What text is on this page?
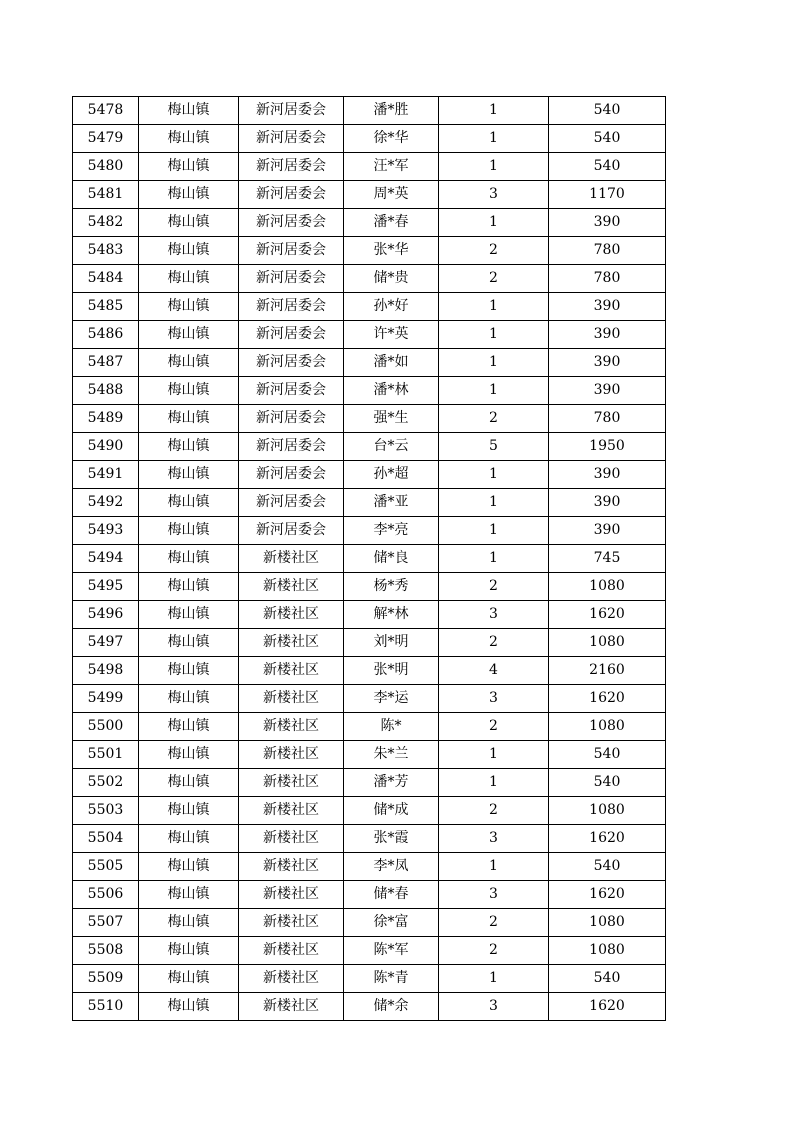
5478	梅山镇	新河居委会	潘*胜	1	540
5479	梅山镇	新河居委会	徐*华	1	540
5480	梅山镇	新河居委会	汪*军	1	540
5481	梅山镇	新河居委会	周*英	3	1170
5482	梅山镇	新河居委会	潘*春	1	390
5483	梅山镇	新河居委会	张*华	2	780
5484	梅山镇	新河居委会	储*贵	2	780
5485	梅山镇	新河居委会	孙*好	1	390
5486	梅山镇	新河居委会	许*英	1	390
5487	梅山镇	新河居委会	潘*如	1	390
5488	梅山镇	新河居委会	潘*林	1	390
5489	梅山镇	新河居委会	强*生	2	780
5490	梅山镇	新河居委会	台*云	5	1950
5491	梅山镇	新河居委会	孙*超	1	390
5492	梅山镇	新河居委会	潘*亚	1	390
5493	梅山镇	新河居委会	李*亮	1	390
5494	梅山镇	新楼社区	储*良	1	745
5495	梅山镇	新楼社区	杨*秀	2	1080
5496	梅山镇	新楼社区	解*林	3	1620
5497	梅山镇	新楼社区	刘*明	2	1080
5498	梅山镇	新楼社区	张*明	4	2160
5499	梅山镇	新楼社区	李*运	3	1620
5500	梅山镇	新楼社区	陈*	2	1080
5501	梅山镇	新楼社区	朱*兰	1	540
5502	梅山镇	新楼社区	潘*芳	1	540
5503	梅山镇	新楼社区	储*成	2	1080
5504	梅山镇	新楼社区	张*霞	3	1620
5505	梅山镇	新楼社区	李*凤	1	540
5506	梅山镇	新楼社区	储*春	3	1620
5507	梅山镇	新楼社区	徐*富	2	1080
5508	梅山镇	新楼社区	陈*军	2	1080
5509	梅山镇	新楼社区	陈*青	1	540
5510	梅山镇	新楼社区	储*余	3	1620
